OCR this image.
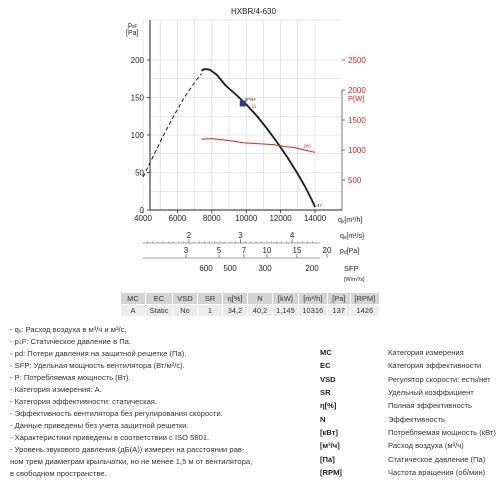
HXBR/4-630
psF
[Pa]
P[W]
0
50
100
150
200
500
1000
1500
2000
2500
4000 6000 8000 10000 12000 14000
ηmax
11
100
47
qv[m³/h]
2	3	4	qv[m³/s]
3	5	7 10	15	20 pd[Pa]
600 500	300	200	SFP
[W/m³/s]
MC	EC	VSD	SR	η[%]	N	[kW]	[m³/h]	[Pa]	[RPM]
A	Static	No	1	34,2	40,2	1,145	10316	137	1426
- qᵥ: Расход воздуха в м³/ч и м³/с.
- pₛF: Статическое давление в Па.
- pd: Потери давления на защитной решетке (Па).
- SFP: Удельная мощность вентилятора (Вт/м³/с).
- P: Потребляемая мощность (Вт).
- Категория измерения: A.
- Категория эффективности: статическая.
- Эффективность вентилятора без регулирования скорости.
- Данные приведены без учета защитной решетки.
- Характеристики приведены в соответствии с ISO 5801.
- Уровень звукового давления (дБ(А)) измерен на расстоянии рав-
ном трем диаметрам крыльчатки, но не менее 1,5 м от вентилятора,
в свободном пространстве.
MC	Категория измерения
EC	Категория эффективности
VSD	Регулятор скорости: есть/нет
SR	Удельный коэффициент
η[%]	Полная эффективность
N	Эффективность
[кВт]	Потребляемая мощность (кВт)
[м³/ч]	Расход воздуха (м³/ч)
[Па]	Статическое давление (Па)
[RPM]	Частота вращения (об/мин)
